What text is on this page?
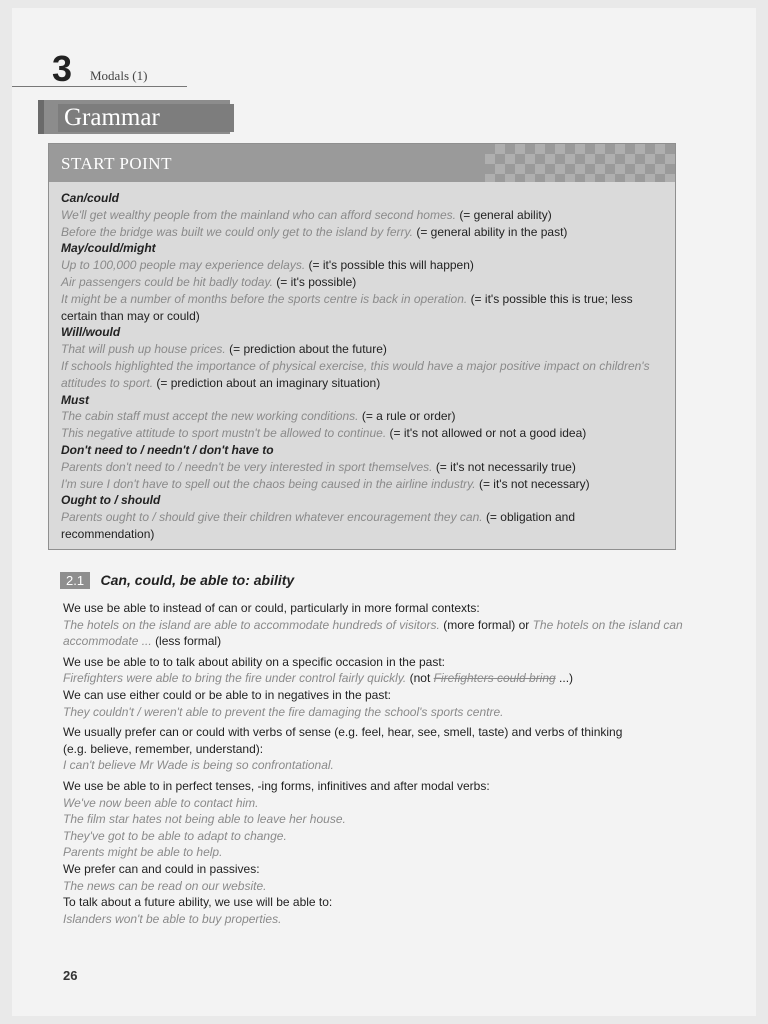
3 Modals (1)
Grammar
START POINT

Can/could

We'll get wealthy people from the mainland who can afford second homes. (= general ability)

Before the bridge was built we could only get to the island by ferry. (= general ability in the past)

May/could/might

Up to 100,000 people may experience delays. (= it's possible this will happen)

Air passengers could be hit badly today. (= it's possible)

It might be a number of months before the sports centre is back in operation. (= it's possible this is true; less certain than may or could)

Will/would

That will push up house prices. (= prediction about the future)

If schools highlighted the importance of physical exercise, this would have a major positive impact on children's attitudes to sport. (= prediction about an imaginary situation)

Must

The cabin staff must accept the new working conditions. (= a rule or order)

This negative attitude to sport mustn't be allowed to continue. (= it's not allowed or not a good idea)

Don't need to / needn't / don't have to

Parents don't need to / needn't be very interested in sport themselves. (= it's not necessarily true)

I'm sure I don't have to spell out the chaos being caused in the airline industry. (= it's not necessary)

Ought to / should

Parents ought to / should give their children whatever encouragement they can. (= obligation and recommendation)

2.1 Can, could, be able to: ability

We use be able to instead of can or could, particularly in more formal contexts:

The hotels on the island are able to accommodate hundreds of visitors. (more formal) or The hotels on the island can accommodate ... (less formal)

We use be able to to talk about ability on a specific occasion in the past:

Firefighters were able to bring the fire under control fairly quickly. (not Firefighters could bring ...)

We can use either could or be able to in negatives in the past:

They couldn't / weren't able to prevent the fire damaging the school's sports centre.

We usually prefer can or could with verbs of sense (e.g. feel, hear, see, smell, taste) and verbs of thinking

(e.g. believe, remember, understand):

I can't believe Mr Wade is being so confrontational.

We use be able to in perfect tenses, -ing forms, infinitives and after modal verbs:

We've now been able to contact him.

The film star hates not being able to leave her house.

They've got to be able to adapt to change.

Parents might be able to help.

We prefer can and could in passives:

The news can be read on our website.

To talk about a future ability, we use will be able to:

Islanders won't be able to buy properties.

26
